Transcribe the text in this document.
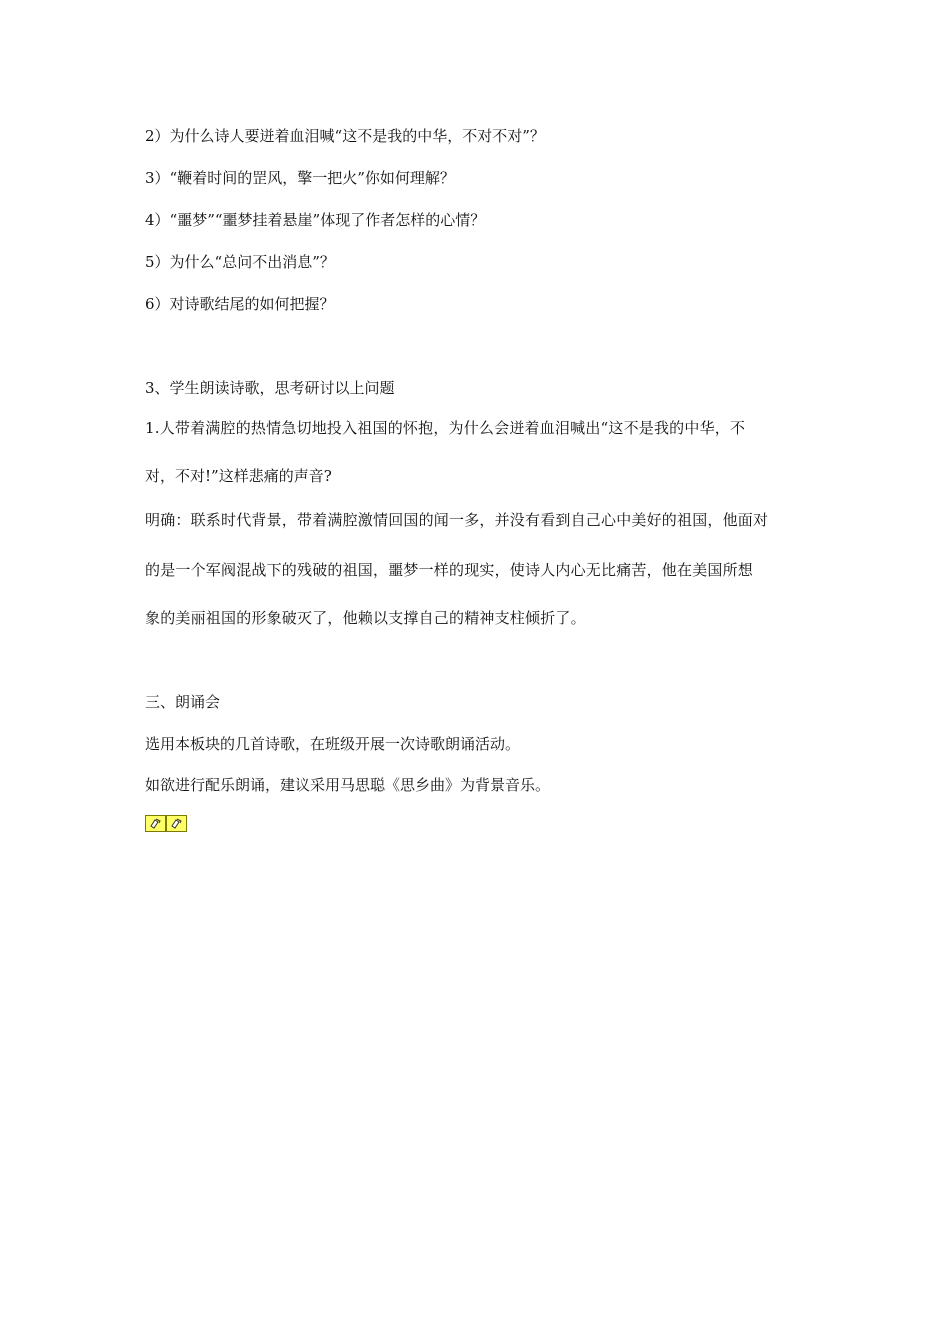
2）为什么诗人要迸着血泪喊“这不是我的中华，不对不对”？
3）“鞭着时间的罡风，擎一把火”你如何理解？
4）“噩梦”“噩梦挂着悬崖”体现了作者怎样的心情？
5）为什么“总问不出消息”？
6）对诗歌结尾的如何把握？
3、学生朗读诗歌，思考研讨以上问题
1.人带着满腔的热情急切地投入祖国的怀抱，为什么会迸着血泪喊出“这不是我的中华，不
对，不对!”这样悲痛的声音?
明确：联系时代背景，带着满腔激情回国的闻一多，并没有看到自己心中美好的祖国，他面对
的是一个军阀混战下的残破的祖国，噩梦一样的现实，使诗人内心无比痛苦，他在美国所想
象的美丽祖国的形象破灭了，他赖以支撑自己的精神支柱倾折了。
三、朗诵会
选用本板块的几首诗歌，在班级开展一次诗歌朗诵活动。
如欲进行配乐朗诵，建议采用马思聪《思乡曲》为背景音乐。
